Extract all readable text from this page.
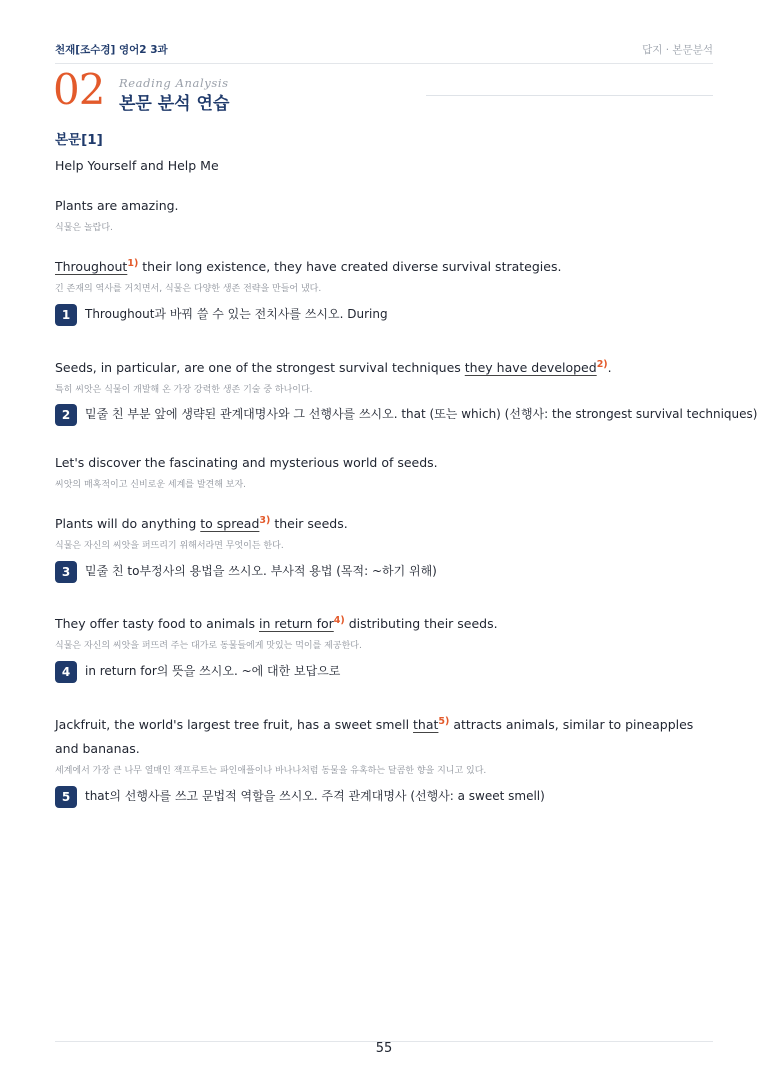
천재[조수경] 영어2 3과	답지 · 본문분석
02 Reading Analysis
본문 분석 연습
본문[1]
Help Yourself and Help Me
Plants are amazing.
식물은 놀랍다.
Throughout$^{1)}$ their long existence, they have created diverse survival strategies.
긴 존재의 역사를 거치면서, 식물은 다양한 생존 전략을 만들어 냈다.
1	Throughout과 바꿔 쓸 수 있는 전치사를 쓰시오. During
Seeds, in particular, are one of the strongest survival techniques they have developed$^{2)}$.
특히 씨앗은 식물이 개발해 온 가장 강력한 생존 기술 중 하나이다.
2	밑줄 친 부분 앞에 생략된 관계대명사와 그 선행사를 쓰시오. that (또는 which) (선행사: the strongest survival techniques)
Let's discover the fascinating and mysterious world of seeds.
씨앗의 매혹적이고 신비로운 세계를 발견해 보자.
Plants will do anything to spread$^{3)}$ their seeds.
식물은 자신의 씨앗을 퍼뜨리기 위해서라면 무엇이든 한다.
3	밑줄 친 to부정사의 용법을 쓰시오. 부사적 용법 (목적: ~하기 위해)
They offer tasty food to animals in return for$^{4)}$ distributing their seeds.
식물은 자신의 씨앗을 퍼뜨려 주는 대가로 동물들에게 맛있는 먹이를 제공한다.
4	in return for의 뜻을 쓰시오. ~에 대한 보답으로
Jackfruit, the world's largest tree fruit, has a sweet smell that$^{5)}$ attracts animals, similar to pineapples and bananas.
세계에서 가장 큰 나무 열매인 잭프루트는 파인애플이나 바나나처럼 동물을 유혹하는 달콤한 향을 지니고 있다.
5	that의 선행사를 쓰고 문법적 역할을 쓰시오. 주격 관계대명사 (선행사: a sweet smell)
55
